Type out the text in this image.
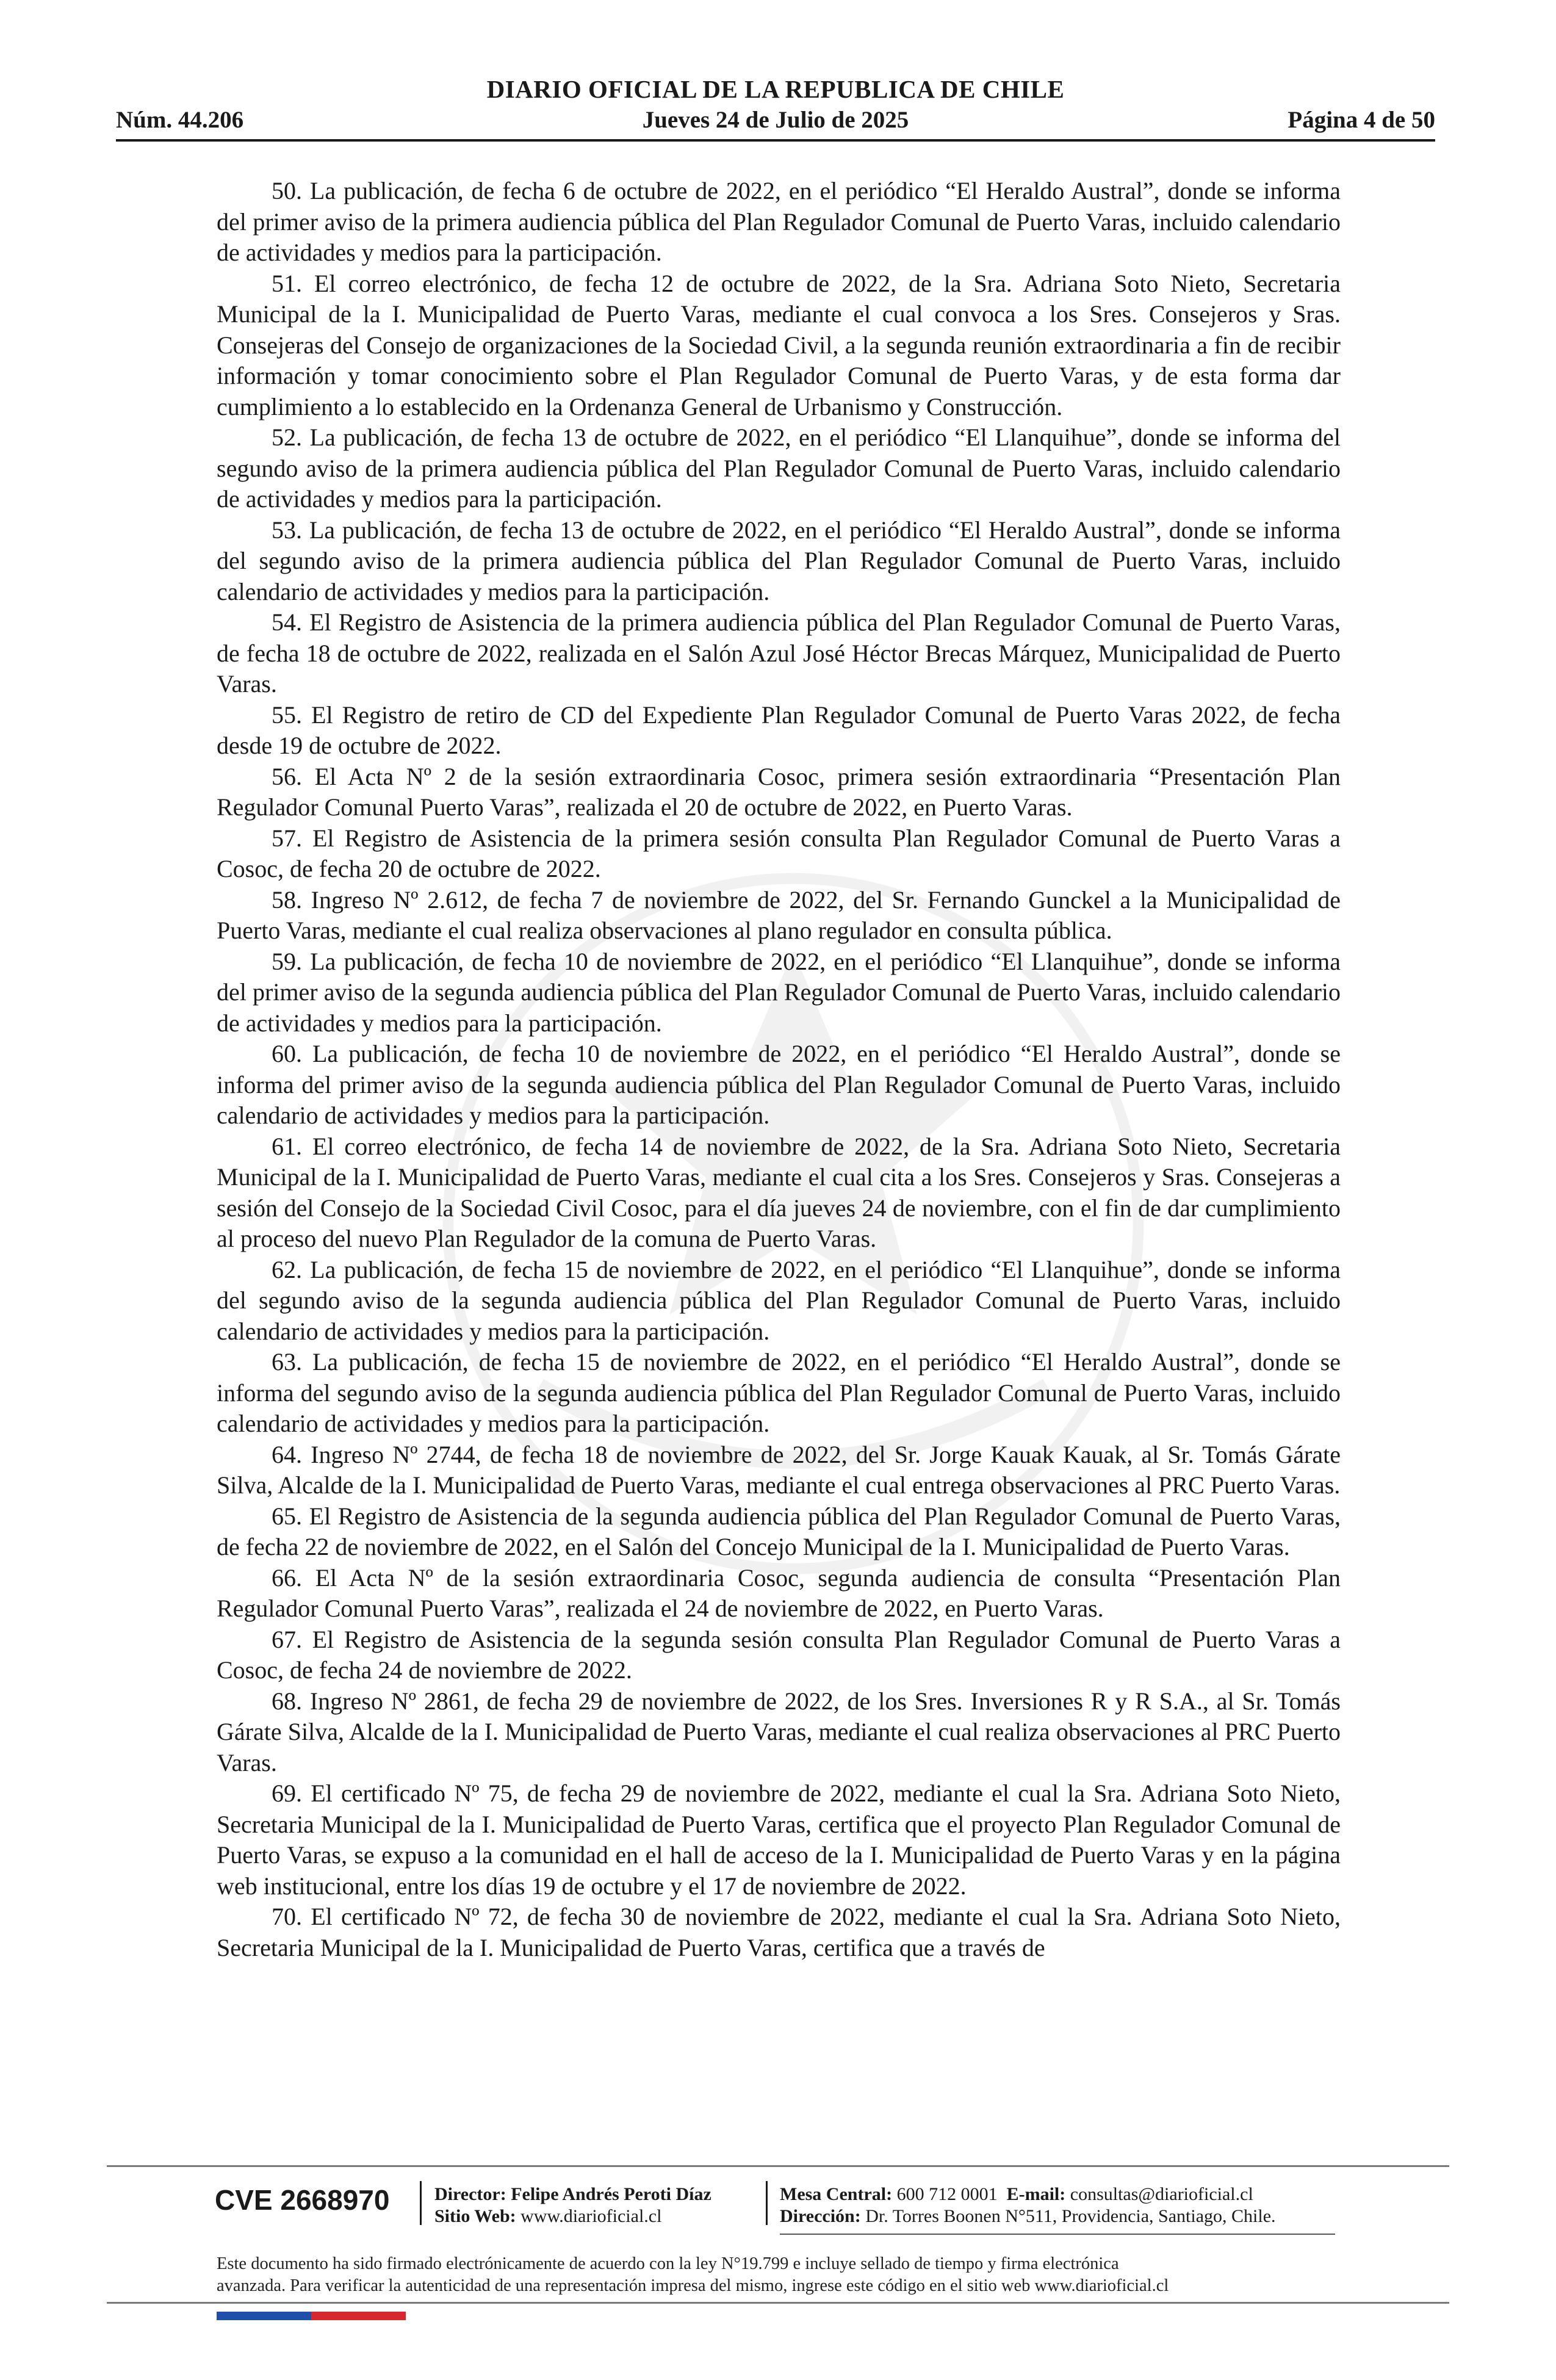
DIARIO OFICIAL DE LA REPUBLICA DE CHILE
Núm. 44.206	Jueves 24 de Julio de 2025	Página 4 de 50

50. La publicación, de fecha 6 de octubre de 2022, en el periódico “El Heraldo Austral”, donde se informa del primer aviso de la primera audiencia pública del Plan Regulador Comunal de Puerto Varas, incluido calendario de actividades y medios para la participación.

51. El correo electrónico, de fecha 12 de octubre de 2022, de la Sra. Adriana Soto Nieto, Secretaria Municipal de la I. Municipalidad de Puerto Varas, mediante el cual convoca a los Sres. Consejeros y Sras. Consejeras del Consejo de organizaciones de la Sociedad Civil, a la segunda reunión extraordinaria a fin de recibir información y tomar conocimiento sobre el Plan Regulador Comunal de Puerto Varas, y de esta forma dar cumplimiento a lo establecido en la Ordenanza General de Urbanismo y Construcción.

52. La publicación, de fecha 13 de octubre de 2022, en el periódico “El Llanquihue”, donde se informa del segundo aviso de la primera audiencia pública del Plan Regulador Comunal de Puerto Varas, incluido calendario de actividades y medios para la participación.

53. La publicación, de fecha 13 de octubre de 2022, en el periódico “El Heraldo Austral”, donde se informa del segundo aviso de la primera audiencia pública del Plan Regulador Comunal de Puerto Varas, incluido calendario de actividades y medios para la participación.

54. El Registro de Asistencia de la primera audiencia pública del Plan Regulador Comunal de Puerto Varas, de fecha 18 de octubre de 2022, realizada en el Salón Azul José Héctor Brecas Márquez, Municipalidad de Puerto Varas.

55. El Registro de retiro de CD del Expediente Plan Regulador Comunal de Puerto Varas 2022, de fecha desde 19 de octubre de 2022.

56. El Acta Nº 2 de la sesión extraordinaria Cosoc, primera sesión extraordinaria “Presentación Plan Regulador Comunal Puerto Varas”, realizada el 20 de octubre de 2022, en Puerto Varas.

57. El Registro de Asistencia de la primera sesión consulta Plan Regulador Comunal de Puerto Varas a Cosoc, de fecha 20 de octubre de 2022.

58. Ingreso Nº 2.612, de fecha 7 de noviembre de 2022, del Sr. Fernando Gunckel a la Municipalidad de Puerto Varas, mediante el cual realiza observaciones al plano regulador en consulta pública.

59. La publicación, de fecha 10 de noviembre de 2022, en el periódico “El Llanquihue”, donde se informa del primer aviso de la segunda audiencia pública del Plan Regulador Comunal de Puerto Varas, incluido calendario de actividades y medios para la participación.

60. La publicación, de fecha 10 de noviembre de 2022, en el periódico “El Heraldo Austral”, donde se informa del primer aviso de la segunda audiencia pública del Plan Regulador Comunal de Puerto Varas, incluido calendario de actividades y medios para la participación.

61. El correo electrónico, de fecha 14 de noviembre de 2022, de la Sra. Adriana Soto Nieto, Secretaria Municipal de la I. Municipalidad de Puerto Varas, mediante el cual cita a los Sres. Consejeros y Sras. Consejeras a sesión del Consejo de la Sociedad Civil Cosoc, para el día jueves 24 de noviembre, con el fin de dar cumplimiento al proceso del nuevo Plan Regulador de la comuna de Puerto Varas.

62. La publicación, de fecha 15 de noviembre de 2022, en el periódico “El Llanquihue”, donde se informa del segundo aviso de la segunda audiencia pública del Plan Regulador Comunal de Puerto Varas, incluido calendario de actividades y medios para la participación.

63. La publicación, de fecha 15 de noviembre de 2022, en el periódico “El Heraldo Austral”, donde se informa del segundo aviso de la segunda audiencia pública del Plan Regulador Comunal de Puerto Varas, incluido calendario de actividades y medios para la participación.

64. Ingreso Nº 2744, de fecha 18 de noviembre de 2022, del Sr. Jorge Kauak Kauak, al Sr. Tomás Gárate Silva, Alcalde de la I. Municipalidad de Puerto Varas, mediante el cual entrega observaciones al PRC Puerto Varas.

65. El Registro de Asistencia de la segunda audiencia pública del Plan Regulador Comunal de Puerto Varas, de fecha 22 de noviembre de 2022, en el Salón del Concejo Municipal de la I. Municipalidad de Puerto Varas.

66. El Acta Nº de la sesión extraordinaria Cosoc, segunda audiencia de consulta “Presentación Plan Regulador Comunal Puerto Varas”, realizada el 24 de noviembre de 2022, en Puerto Varas.

67. El Registro de Asistencia de la segunda sesión consulta Plan Regulador Comunal de Puerto Varas a Cosoc, de fecha 24 de noviembre de 2022.

68. Ingreso Nº 2861, de fecha 29 de noviembre de 2022, de los Sres. Inversiones R y R S.A., al Sr. Tomás Gárate Silva, Alcalde de la I. Municipalidad de Puerto Varas, mediante el cual realiza observaciones al PRC Puerto Varas.

69. El certificado Nº 75, de fecha 29 de noviembre de 2022, mediante el cual la Sra. Adriana Soto Nieto, Secretaria Municipal de la I. Municipalidad de Puerto Varas, certifica que el proyecto Plan Regulador Comunal de Puerto Varas, se expuso a la comunidad en el hall de acceso de la I. Municipalidad de Puerto Varas y en la página web institucional, entre los días 19 de octubre y el 17 de noviembre de 2022.

70. El certificado Nº 72, de fecha 30 de noviembre de 2022, mediante el cual la Sra. Adriana Soto Nieto, Secretaria Municipal de la I. Municipalidad de Puerto Varas, certifica que a través de

CVE 2668970 Director: Felipe Andrés Peroti Díaz
Sitio Web: www.diarioficial.cl
Mesa Central: 600 712 0001 E-mail: consultas@diarioficial.cl
Dirección: Dr. Torres Boonen N°511, Providencia, Santiago, Chile.
Este documento ha sido firmado electrónicamente de acuerdo con la ley N°19.799 e incluye sellado de tiempo y firma electrónica
avanzada. Para verificar la autenticidad de una representación impresa del mismo, ingrese este código en el sitio web www.diarioficial.cl
